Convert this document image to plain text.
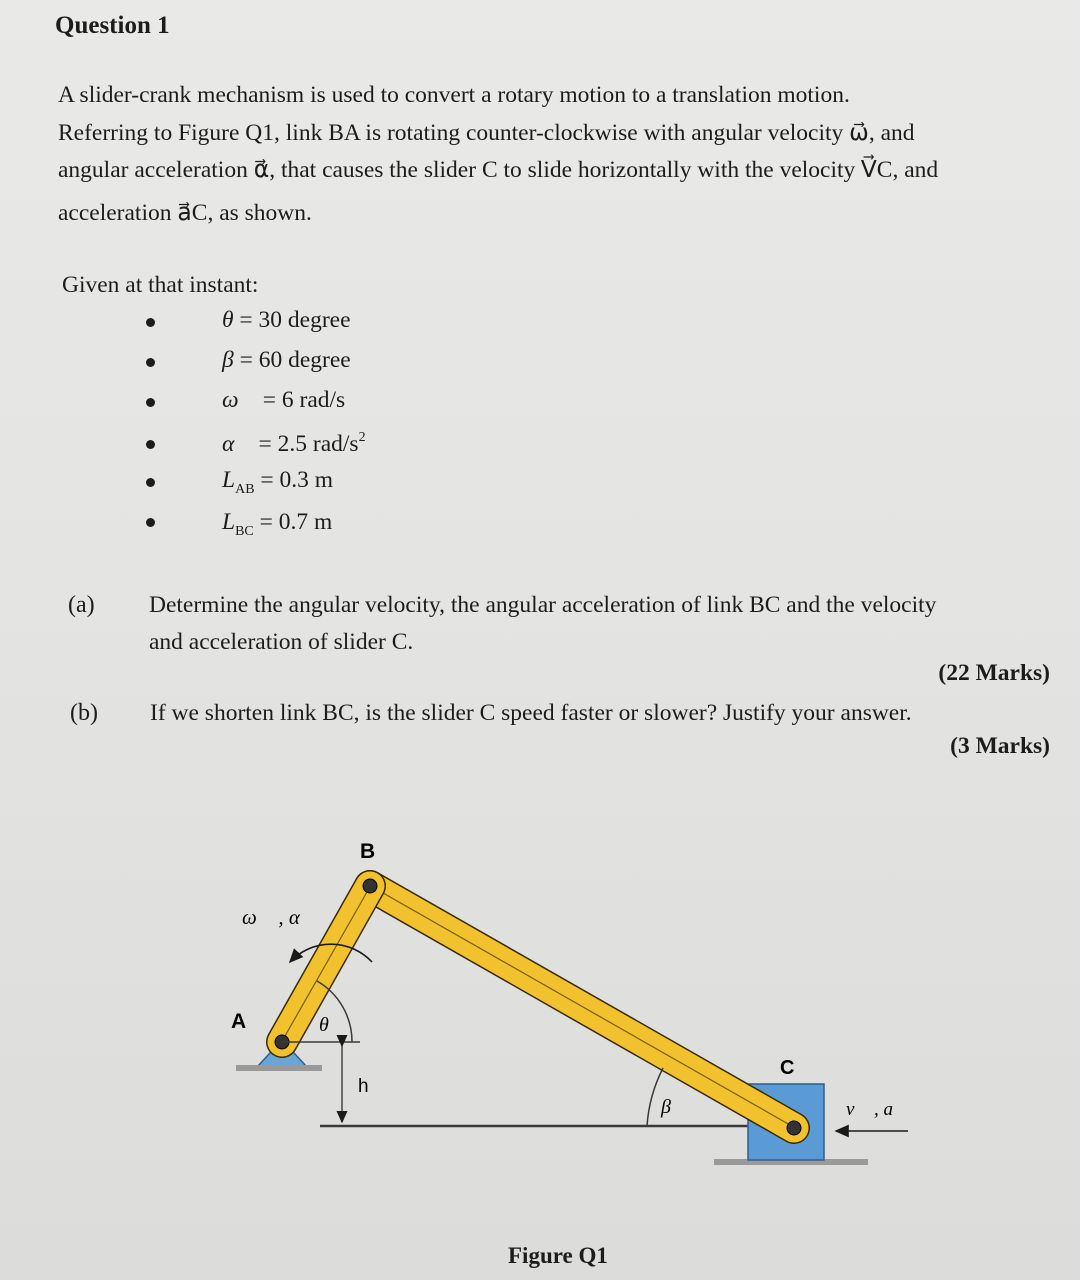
Question 1
A slider-crank mechanism is used to convert a rotary motion to a translation motion.
Referring to Figure Q1, link BA is rotating counter-clockwise with angular velocity ω⃗, and
angular acceleration α⃗, that causes the slider C to slide horizontally with the velocity V⃗C, and
acceleration a⃗C, as shown.
Given at that instant:
θ = 30 degree
β = 60 degree
ω⃗ = 6 rad/s
α⃗ = 2.5 rad/$s^2$
$L_{AB} = 0.3$ m
$L_{BC} = 0.7$ m
(a) Determine the angular velocity, the angular acceleration of link BC and the velocity
and acceleration of slider C.
(22 Marks)
(b) If we shorten link BC, is the slider C speed faster or slower? Justify your answer.
(3 Marks)
B
A
C
ω⃗ , α⃗
θ
h
β	v⃗ , a⃗
Figure Q1
